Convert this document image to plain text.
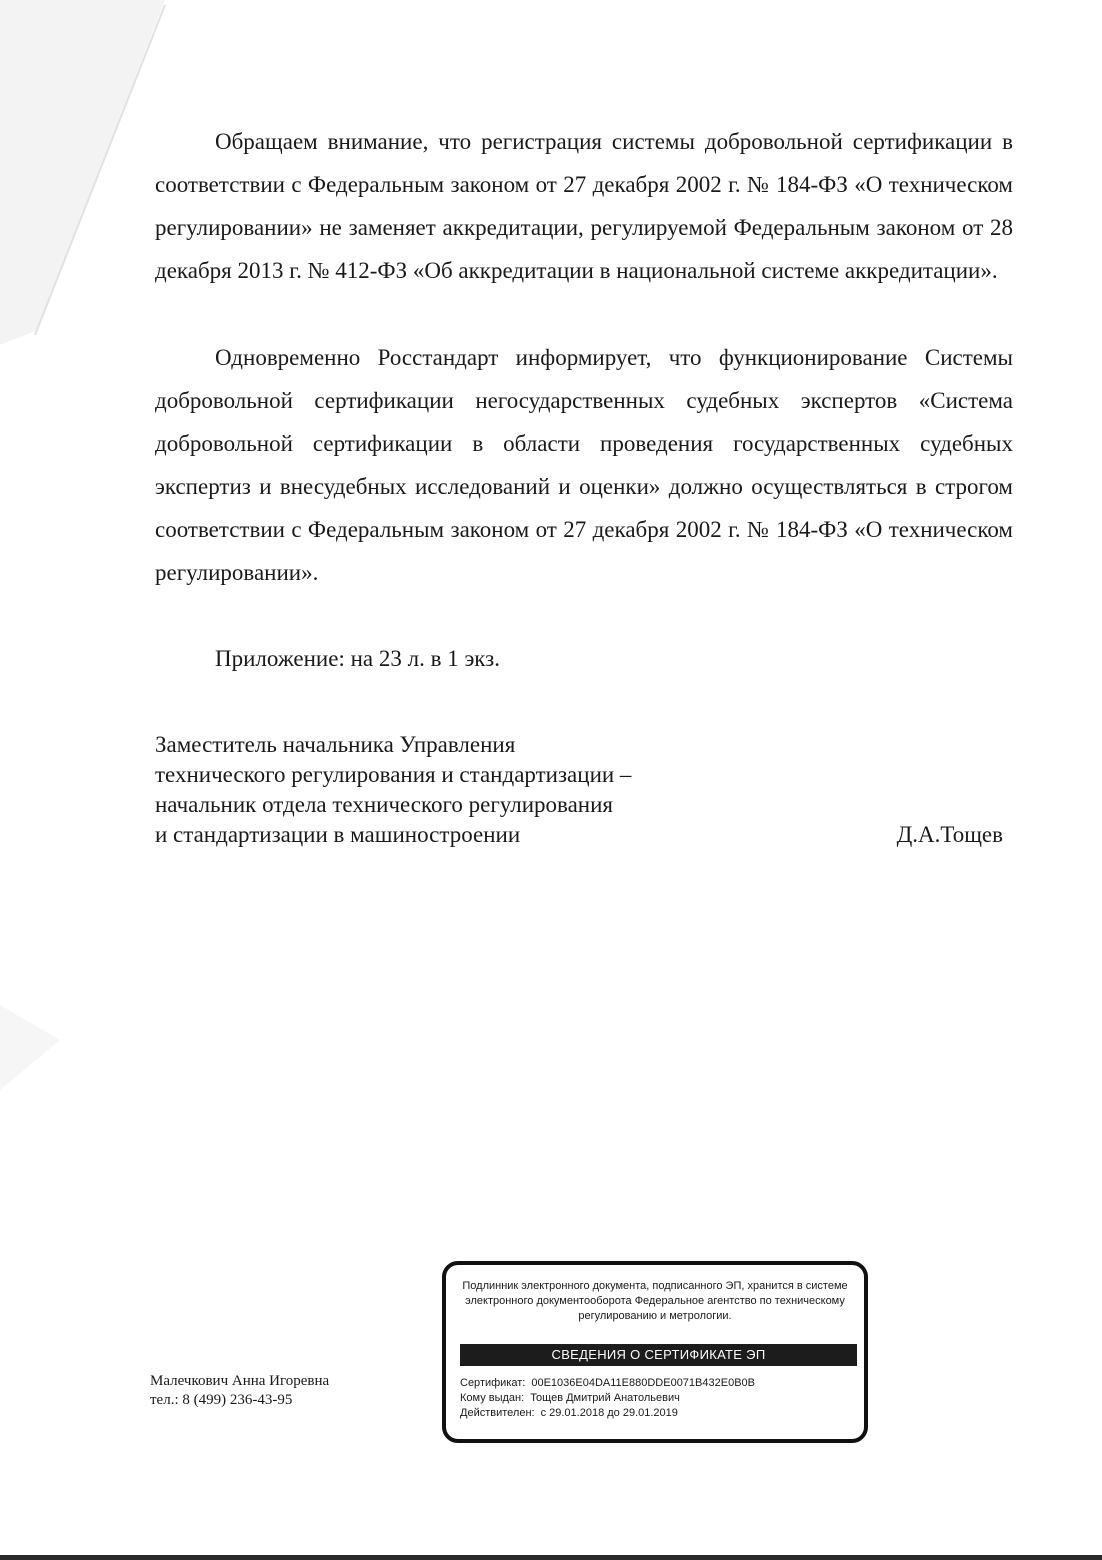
Обращаем внимание, что регистрация системы добровольной сертификации в соответствии с Федеральным законом от 27 декабря 2002 г. № 184-ФЗ «О техническом регулировании» не заменяет аккредитации, регулируемой Федеральным законом от 28 декабря 2013 г. № 412-ФЗ «Об аккредитации в национальной системе аккредитации».

Одновременно Росстандарт информирует, что функционирование Системы добровольной сертификации негосударственных судебных экспертов «Система добровольной сертификации в области проведения государственных судебных экспертиз и внесудебных исследований и оценки» должно осуществляться в строгом соответствии с Федеральным законом от 27 декабря 2002 г. № 184-ФЗ «О техническом регулировании».

Приложение: на 23 л. в 1 экз.
Заместитель начальника Управления
технического регулирования и стандартизации –
начальник отдела технического регулирования
и стандартизации в машиностроении	Д.А.Тощев
Малечкович Анна Игоревна
тел.: 8 (499) 236-43-95
Подлинник электронного документа, подписанного ЭП, хранится в системе электронного документооборота Федеральное агентство по техническому регулированию и метрологии.
СВЕДЕНИЯ О СЕРТИФИКАТЕ ЭП
Сертификат: 00E1036E04DA11E880DDE0071B432E0B0B
Кому выдан: Тощев Дмитрий Анатольевич
Действителен: с 29.01.2018 до 29.01.2019
